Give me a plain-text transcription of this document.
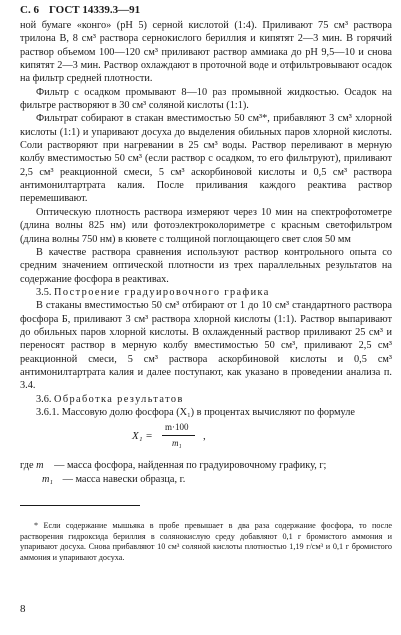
С. 6 ГОСТ 14339.3—91

ной бумаге «конго» (рН 5) серной кислотой (1:4). Приливают 75 см³ раствора трилона В, 8 см³ раствора сернокислого бериллия и кипятят 2—3 мин. В горячий раствор объемом 100—120 см³ приливают раствор аммиака до рН 9,5—10 и снова кипятят 2—3 мин. Раствор охлаждают в проточной воде и отфильтровывают осадок на фильтр средней плотности.

Фильтр с осадком промывают 8—10 раз промывной жидкостью. Осадок на фильтре растворяют в 30 см³ соляной кислоты (1:1).

Фильтрат собирают в стакан вместимостью 50 см³*, прибавляют 3 см³ хлорной кислоты (1:1) и упаривают досуха до выделения обильных паров хлорной кислоты. Соли растворяют при нагревании в 25 см³ воды. Раствор переливают в мерную колбу вместимостью 50 см³ (если раствор с осадком, то его фильтруют), приливают 2,5 см³ реакционной смеси, 5 см³ аскорбиновой кислоты и 0,5 см³ раствора антимонилтартрата калия. После приливания каждого реактива раствор перемешивают.

Оптическую плотность раствора измеряют через 10 мин на спектрофотометре (длина волны 825 нм) или фотоэлектроколориметре с красным светофильтром (длина волны 750 нм) в кювете с толщиной поглощающего свет слоя 50 мм

В качестве раствора сравнения используют раствор контрольного опыта со средним значением оптической плотности из трех параллельных результатов на содержание фосфора в реактивах.

3.5. Построение градуировочного графика

В стаканы вместимостью 50 см³ отбирают от 1 до 10 см³ стандартного раствора фосфора Б, приливают 3 см³ раствора хлорной кислоты (1:1). Раствор выпаривают до обильных паров хлорной кислоты. В охлажденный раствор приливают 25 см³ и переносят раствор в мерную колбу вместимостью 50 см³, приливают 2,5 см³ реакционной смеси, 5 см³ раствора аскорбиновой кислоты и 0,5 см³ антимонилтартрата калия и далее поступают, как указано в проведении анализа п. 3.4.

3.6. Обработка результатов

3.6.1. Массовую долю фосфора (X₁) в процентах вычисляют по формуле

X₁ =
m·100
m₁
,
где
m	— масса фосфора, найденная по градуировочному графику, г;
m₁ — масса навески образца, г.

* Если содержание мышьяка в пробе превышает в два раза содержание фосфора, то после растворения гидроксида бериллия в солянокислую среду добавляют 0,1 г бромистого аммония и упаривают досуха. Снова прибавляют 10 см³ соляной кислоты плотностью 1,19 г/см³ и 0,1 г бромистого аммония и упаривают досуха.

8
